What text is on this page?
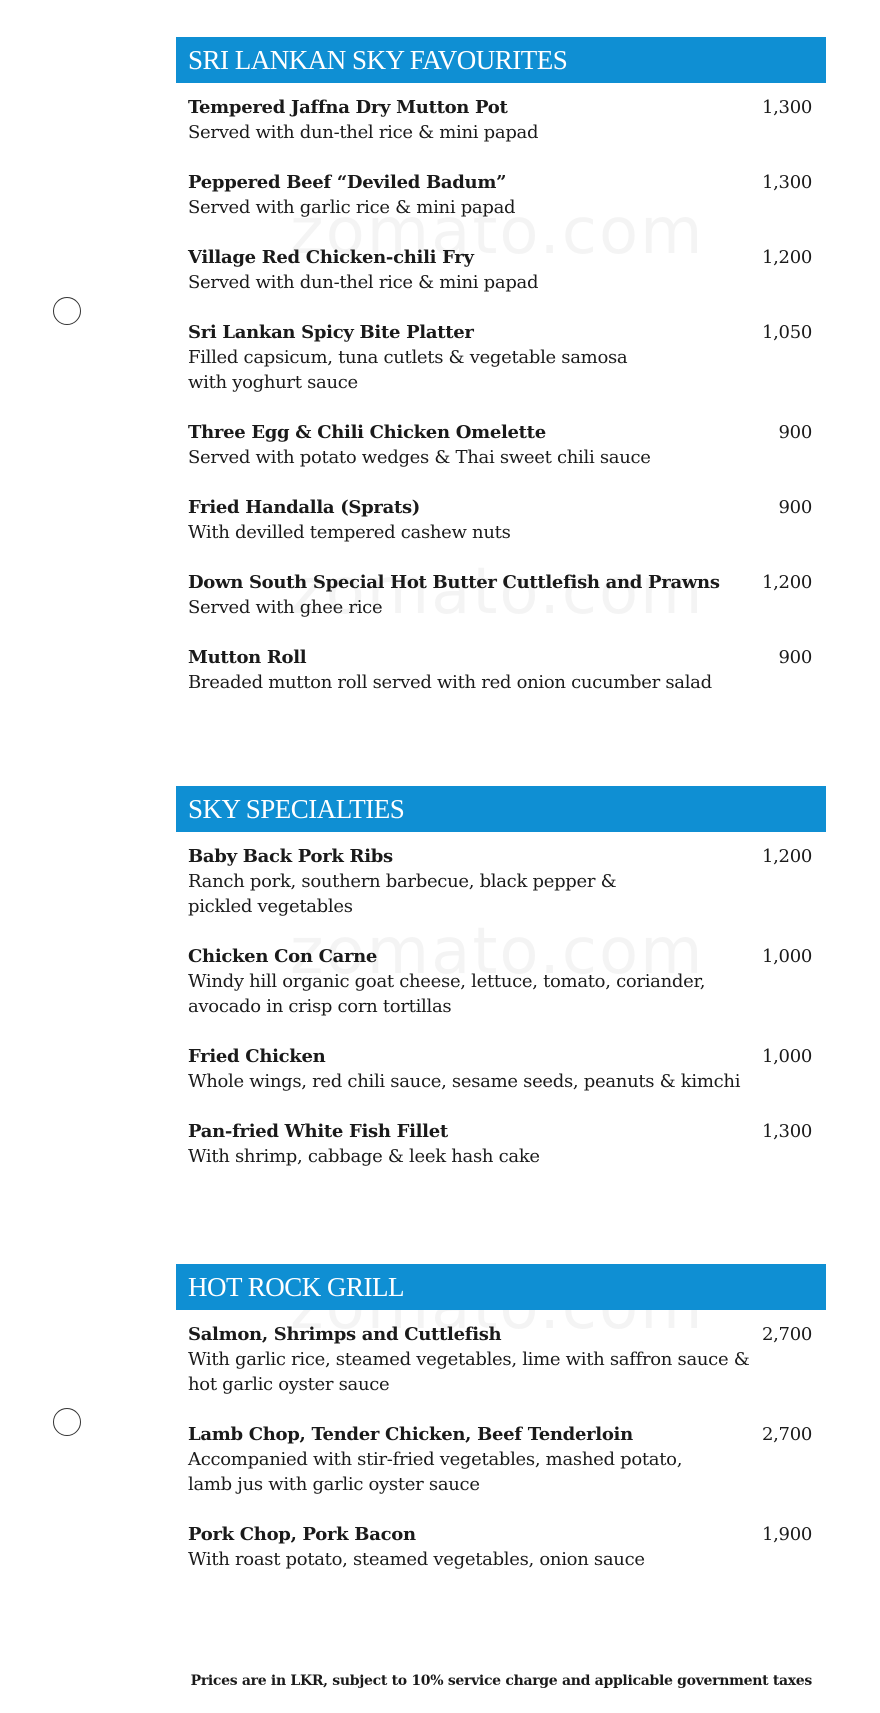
SRI LANKAN SKY FAVOURITES
Tempered Jaffna Dry Mutton Pot
Served with dun-thel rice & mini papad
1,300
Peppered Beef “Deviled Badum”
Served with garlic rice & mini papad
1,300
Village Red Chicken-chili Fry
Served with dun-thel rice & mini papad
1,200
Sri Lankan Spicy Bite Platter
Filled capsicum, tuna cutlets & vegetable samosa with yoghurt sauce
1,050
Three Egg & Chili Chicken Omelette
Served with potato wedges & Thai sweet chili sauce
900
Fried Handalla (Sprats)
With devilled tempered cashew nuts
900
Down South Special Hot Butter Cuttlefish and Prawns
Served with ghee rice
1,200
Mutton Roll
Breaded mutton roll served with red onion cucumber salad
900
SKY SPECIALTIES
Baby Back Pork Ribs
Ranch pork, southern barbecue, black pepper & pickled vegetables
1,200
Chicken Con Carne
Windy hill organic goat cheese, lettuce, tomato, coriander, avocado in crisp corn tortillas
1,000
Fried Chicken
Whole wings, red chili sauce, sesame seeds, peanuts & kimchi
1,000
Pan-fried White Fish Fillet
With shrimp, cabbage & leek hash cake
1,300
HOT ROCK GRILL
Salmon, Shrimps and Cuttlefish
With garlic rice, steamed vegetables, lime with saffron sauce & hot garlic oyster sauce
2,700
Lamb Chop, Tender Chicken, Beef Tenderloin
Accompanied with stir-fried vegetables, mashed potato, lamb jus with garlic oyster sauce
2,700
Pork Chop, Pork Bacon
With roast potato, steamed vegetables, onion sauce
1,900
Prices are in LKR, subject to 10% service charge and applicable government taxes
